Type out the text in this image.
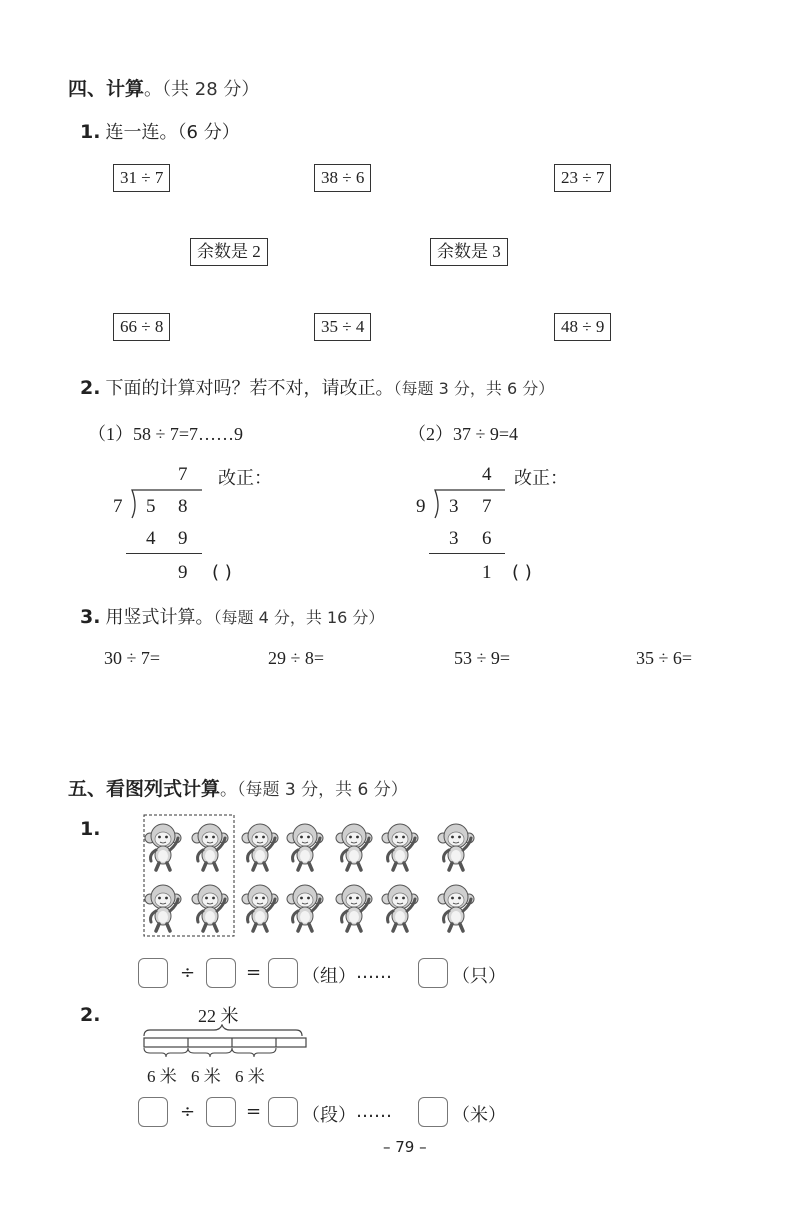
四、计算。（共 28 分）
1. 连一连。（6 分）
31 ÷ 7	38 ÷ 6	23 ÷ 7
余数是 2	余数是 3
66 ÷ 8	35 ÷ 4	48 ÷ 9
2. 下面的计算对吗？若不对，请改正。（每题 3 分，共 6 分）
（1）58 ÷ 7=7……9	（2）37 ÷ 9=4
7
7 5 8
4 9
9
改正：
( )
4
9 3 7
3 6
1
改正：
( )
3. 用竖式计算。（每题 4 分，共 16 分）
30 ÷ 7=	29 ÷ 8=	53 ÷ 9=	35 ÷ 6=
五、看图列式计算。（每题 3 分，共 6 分）
1.
÷	= （组） ……	（只）
2.	22 米
6 米 6 米 6 米
÷	= （段） ……	（米）
– 79 –
